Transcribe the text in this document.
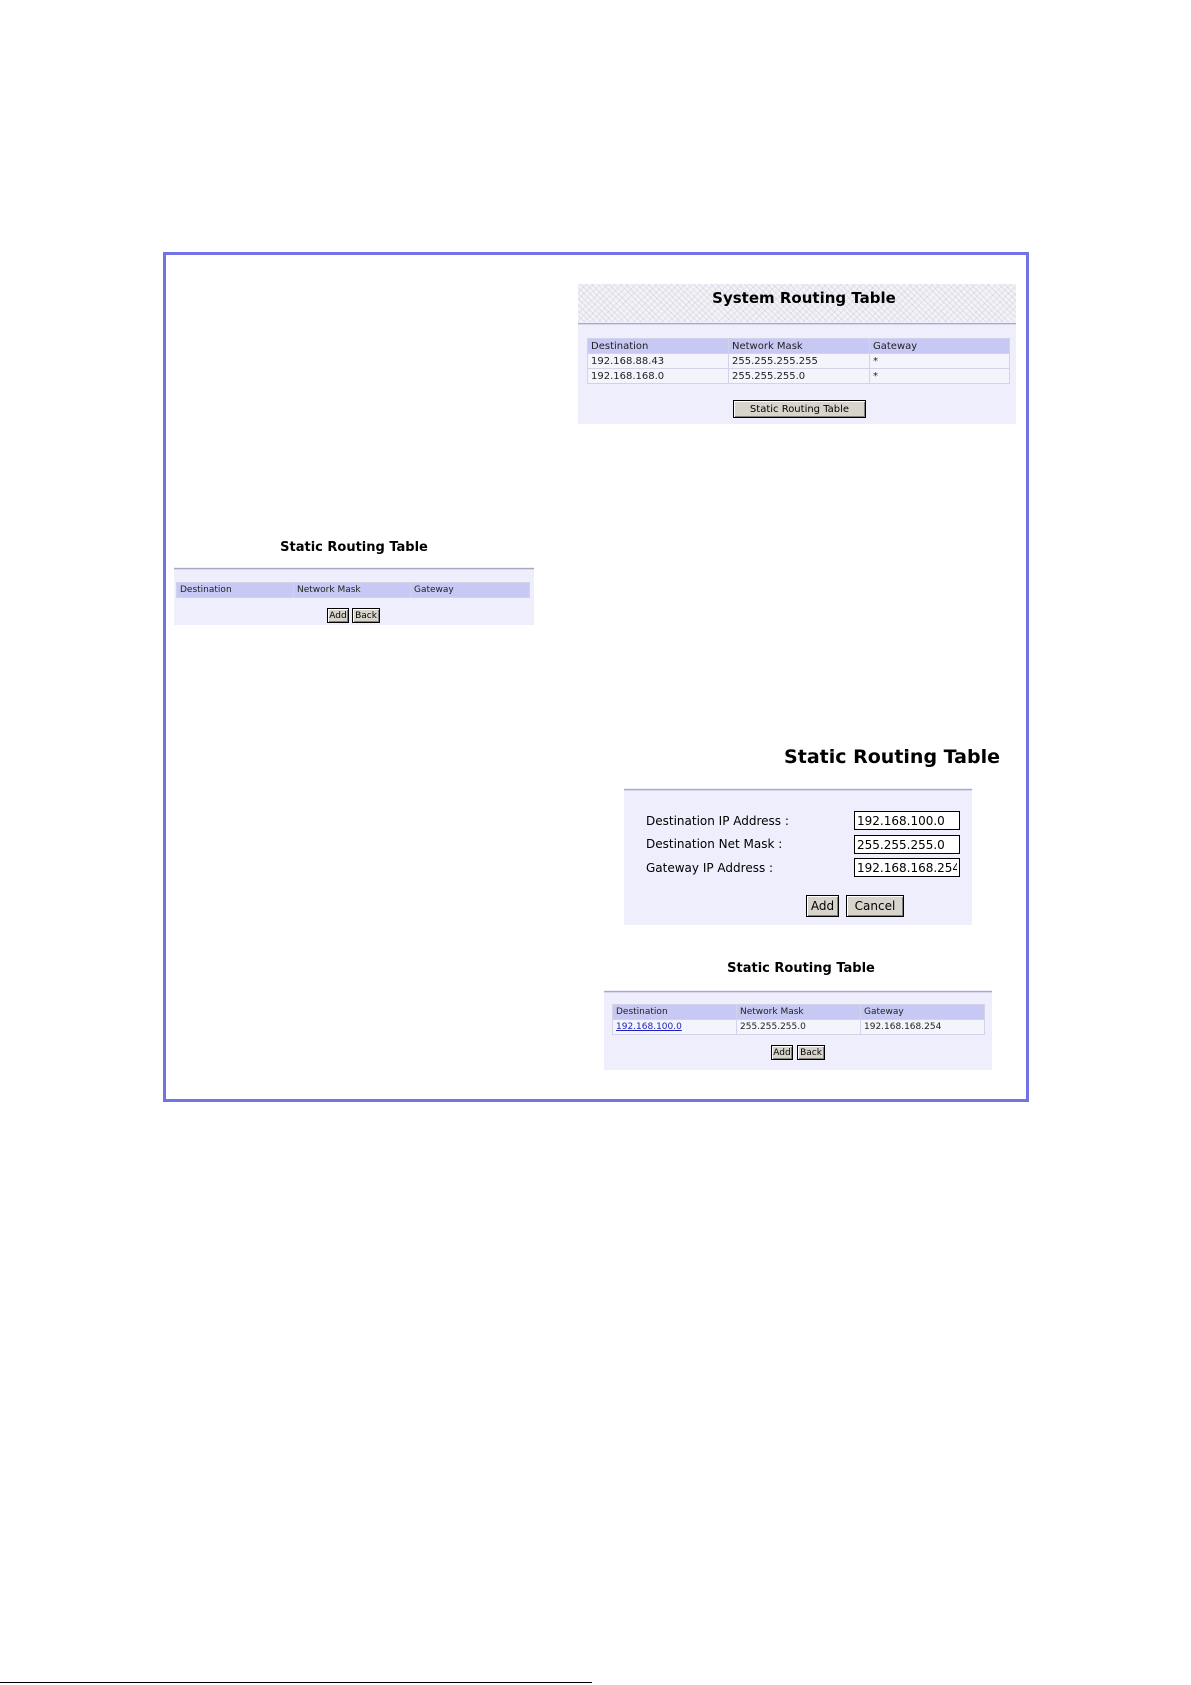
System Routing Table
Destination	Network Mask	Gateway
192.168.88.43	255.255.255.255	*
192.168.168.0	255.255.255.0	*
Static Routing Table
Static Routing Table
Destination	Network Mask	Gateway
Add Back
Static Routing Table
Destination IP Address :
192.168.100.0
Destination Net Mask :
255.255.255.0
Gateway IP Address :
192.168.168.254
Add	Cancel
Static Routing Table
Destination	Network Mask	Gateway
192.168.100.0	255.255.255.0	192.168.168.254
Add	Back
